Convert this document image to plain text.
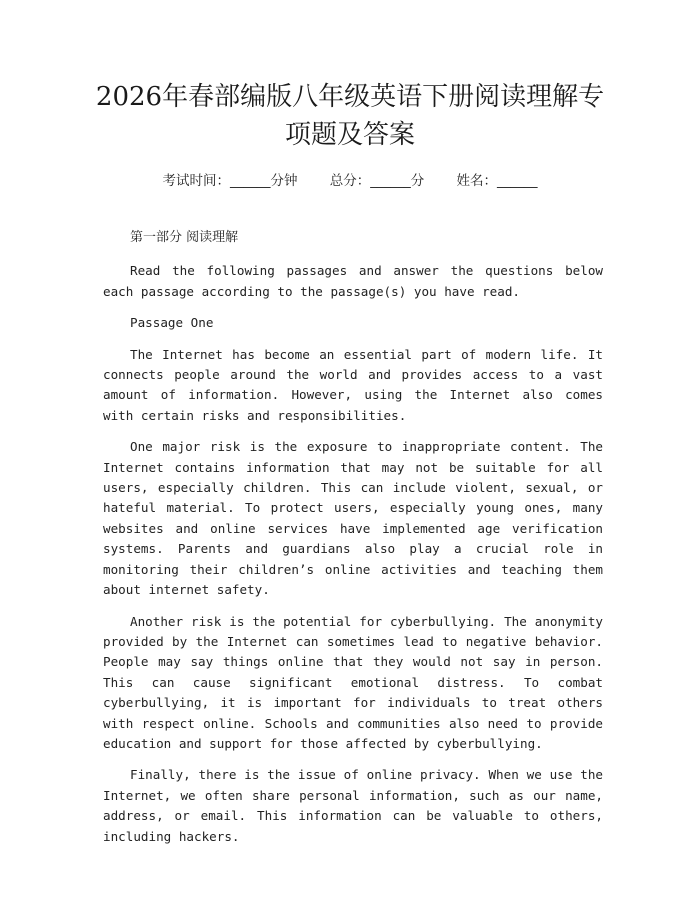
2026年春部编版八年级英语下册阅读理解专
项题及答案
考试时间：______分钟 总分：______分 姓名：______

第一部分 阅读理解

Read the following passages and answer the questions below each passage according to the passage(s) you have read.

Passage One

The Internet has become an essential part of modern life. It connects people around the world and provides access to a vast amount of information. However, using the Internet also comes with certain risks and responsibilities.

One major risk is the exposure to inappropriate content. The Internet contains information that may not be suitable for all users, especially children. This can include violent, sexual, or hateful material. To protect users, especially young ones, many websites and online services have implemented age verification systems. Parents and guardians also play a crucial role in monitoring their children’s online activities and teaching them about internet safety.

Another risk is the potential for cyberbullying. The anonymity provided by the Internet can sometimes lead to negative behavior. People may say things online that they would not say in person. This can cause significant emotional distress. To combat cyberbullying, it is important for individuals to treat others with respect online. Schools and communities also need to provide education and support for those affected by cyberbullying.

Finally, there is the issue of online privacy. When we use the Internet, we often share personal information, such as our name, address, or email. This information can be valuable to others, including hackers.
